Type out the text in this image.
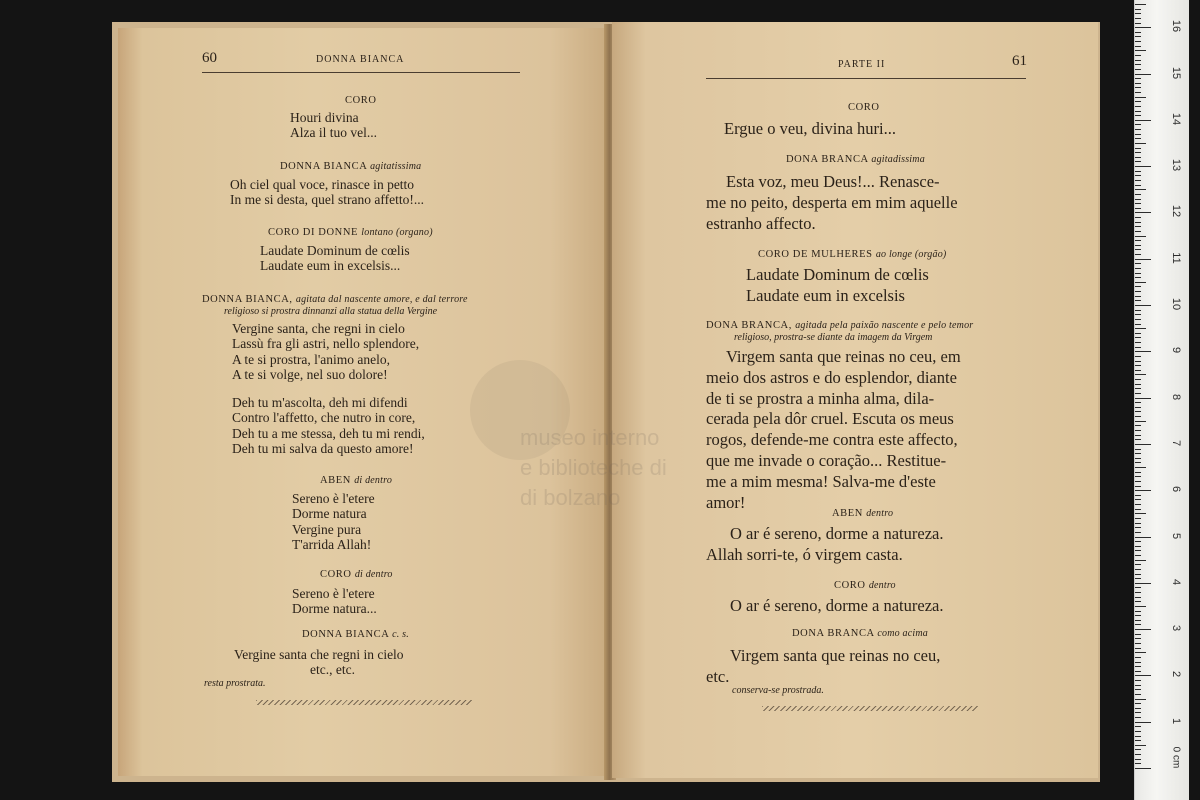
60	DONNA BIANCA
CORO
Houri divina
Alza il tuo vel...
DONNA BIANCA agitatissima
Oh ciel qual voce, rinasce in petto
In me si desta, quel strano affetto!...
CORO DI DONNE lontano (organo)
Laudate Dominum de cœlis
Laudate eum in excelsis...
DONNA BIANCA, agitata dal nascente amore, e dal terrore
religioso si prostra dinnanzi alla statua della Vergine
Vergine santa, che regni in cielo
Lassù fra gli astri, nello splendore,
A te si prostra, l'animo anelo,
A te si volge, nel suo dolore!
Deh tu m'ascolta, deh mi difendi
Contro l'affetto, che nutro in core,
Deh tu a me stessa, deh tu mi rendi,
Deh tu mi salva da questo amore!
ABEN di dentro
Sereno è l'etere
Dorme natura
Vergine pura
T'arrida Allah!
CORO di dentro
Sereno è l'etere
Dorme natura...
DONNA BIANCA c. s.
Vergine santa che regni in cielo
etc., etc.
resta prostrata.
PARTE II	61
CORO
Ergue o veu, divina huri...
DONA BRANCA agitadissima
Esta voz, meu Deus!... Renasce-
me no peito, desperta em mim aquelle
estranho affecto.
CORO DE MULHERES ao longe (orgão)
Laudate Dominum de cœlis
Laudate eum in excelsis
DONA BRANCA, agitada pela paixão nascente e pelo temor
religioso, prostra-se diante da imagem da Virgem
Virgem santa que reinas no ceu, em
meio dos astros e do esplendor, diante
de ti se prostra a minha alma, dila-
cerada pela dôr cruel. Escuta os meus
rogos, defende-me contra este affecto,
que me invade o coração... Restitue-
me a mim mesma! Salva-me d'este
amor!
ABEN dentro
O ar é sereno, dorme a natureza.
Allah sorri-te, ó virgem casta.
CORO dentro
O ar é sereno, dorme a natureza.
DONA BRANCA como acima
Virgem santa que reinas no ceu,
etc.
conserva-se prostrada.
museo interno
e biblioteche di
di bolzano
1
2
3
4
5
6
7
8
9
10
11
12
13
14
15
16
0 cm
